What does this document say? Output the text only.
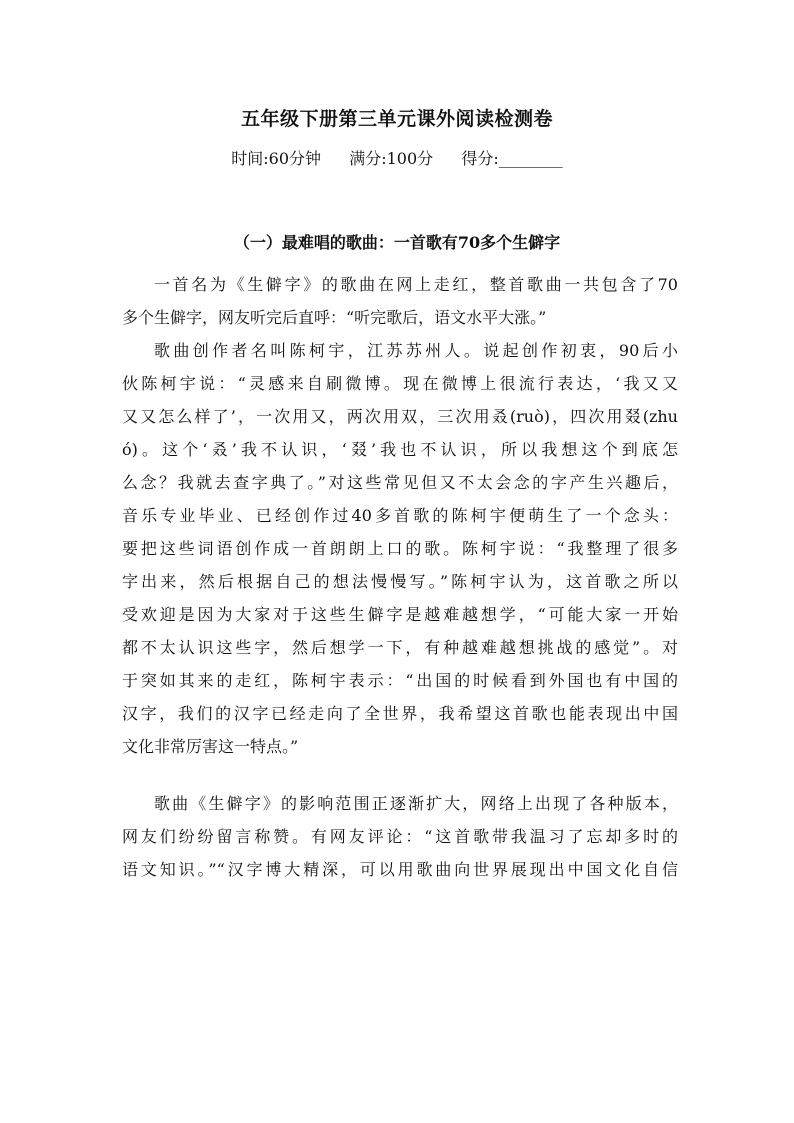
五年级下册第三单元课外阅读检测卷
时间:60分钟 满分:100分 得分:________
（一）最难唱的歌曲：一首歌有70多个生僻字
一首名为《生僻字》的歌曲在网上走红，整首歌曲一共包含了70
多个生僻字，网友听完后直呼：“听完歌后，语文水平大涨。”
歌曲创作者名叫陈柯宇，江苏苏州人。说起创作初衷，90后小
伙陈柯宇说：“灵感来自刷微博。现在微博上很流行表达，‘我又又
又又怎么样了’，一次用又，两次用双，三次用叒(ruò)，四次用叕(zhu
ó)。这个‘叒’我不认识，‘叕’我也不认识，所以我想这个到底怎
么念？我就去查字典了。”对这些常见但又不太会念的字产生兴趣后，
音乐专业毕业、已经创作过40多首歌的陈柯宇便萌生了一个念头：
要把这些词语创作成一首朗朗上口的歌。陈柯宇说：“我整理了很多
字出来，然后根据自己的想法慢慢写。”陈柯宇认为，这首歌之所以
受欢迎是因为大家对于这些生僻字是越难越想学，“可能大家一开始
都不太认识这些字，然后想学一下，有种越难越想挑战的感觉”。对
于突如其来的走红，陈柯宇表示：“出国的时候看到外国也有中国的
汉字，我们的汉字已经走向了全世界，我希望这首歌也能表现出中国
文化非常厉害这一特点。”
歌曲《生僻字》的影响范围正逐渐扩大，网络上出现了各种版本，
网友们纷纷留言称赞。有网友评论：“这首歌带我温习了忘却多时的
语文知识。”“汉字博大精深，可以用歌曲向世界展现出中国文化自信
